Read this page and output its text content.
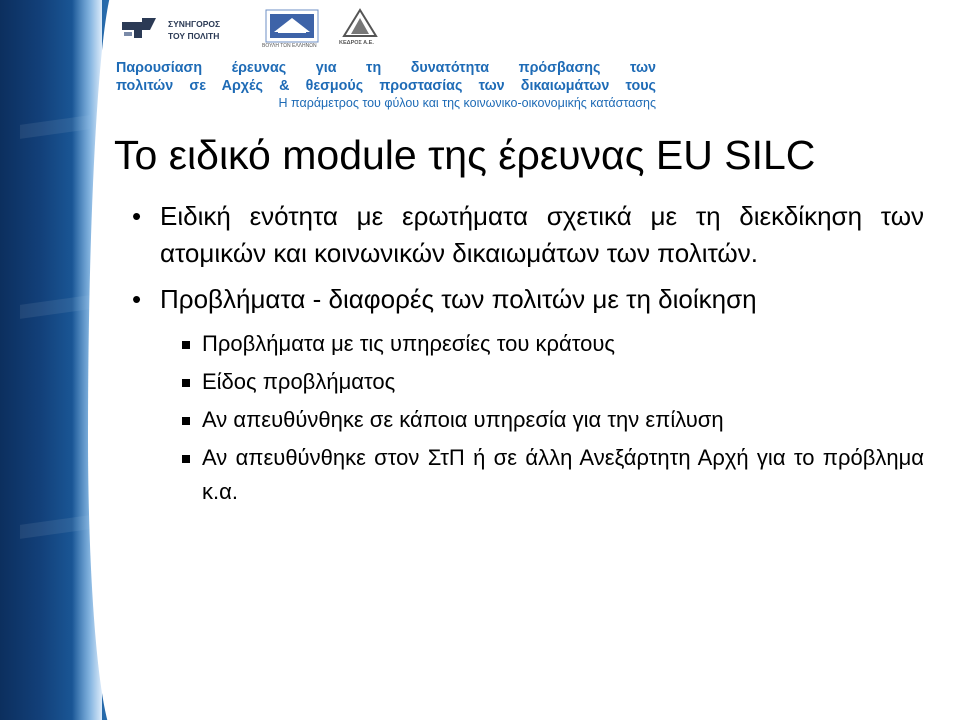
ΣΥΝΗΓΟΡΟΣ
ΤΟΥ ΠΟΛΙΤΗ
ΒΟΥΛΗ ΤΩΝ ΕΛΛΗΝΩΝ	ΚΕΔΡΟΣ Α.Ε.
Παρουσίαση έρευνας για τη δυνατότητα πρόσβασης των
πολιτών σε Αρχές & θεσμούς προστασίας των δικαιωμάτων τους
Η παράμετρος του φύλου και της κοινωνικο-οικονομικής κατάστασης
Το ειδικό module της έρευνας EU SILC
• Ειδική ενότητα με ερωτήματα σχετικά με τη διεκδίκηση των ατομικών και κοινωνικών δικαιωμάτων των πολιτών.
• Προβλήματα - διαφορές των πολιτών με τη διοίκηση
Προβλήματα με τις υπηρεσίες του κράτους
Είδος προβλήματος
Αν απευθύνθηκε σε κάποια υπηρεσία για την επίλυση
Αν απευθύνθηκε στον ΣτΠ ή σε άλλη Ανεξάρτητη Αρχή για το πρόβλημα κ.α.
